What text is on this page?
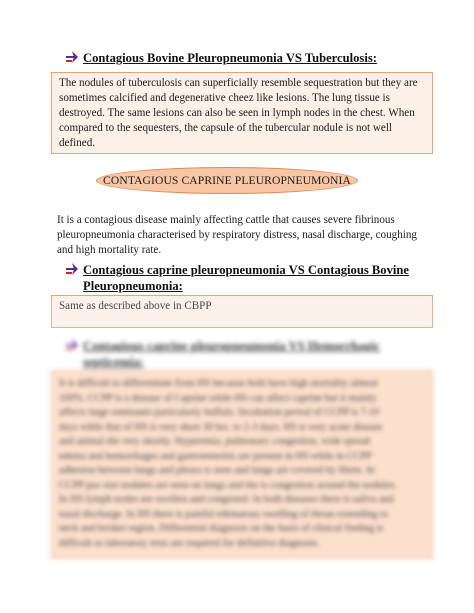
Contagious Bovine Pleuropneumonia VS Tuberculosis:
The nodules of tuberculosis can superficially resemble sequestration but they are
sometimes calcified and degenerative cheez like lesions. The lung tissue is
destroyed. The same lesions can also be seen in lymph nodes in the chest. When
compared to the sequesters, the capsule of the tubercular nodule is not well
defined.
CONTAGIOUS CAPRINE PLEUROPNEUMONIA
It is a contagious disease mainly affecting cattle that causes severe fibrinous
pleuropneumonia characterised by respiratory distress, nasal discharge, coughing
and high mortality rate.
Contagious caprine pleuropneumonia VS Contagious Bovine
Pleuropneumonia:
Same as described above in CBPP
Contagious caprine pleuropneumonia VS Hemorrhagic
septicemia:
It is difficult to differentiate from HS because both have high mortality almost
100%. CCPP is a disease of Caprine while HS can affect caprine but it mainly
affects large ruminants particularly buffalo. Incubation period of CCPP is 7-10
days while that of HS is very short 30 hrs. to 2-3 days. HS is very acute disease
and animal die very shortly. Hyperemia, pulmonary congestion, wide spread
edema and hemorrhages and gastroenteritis are present in HS while in CCPP
adhesion between lungs and pleura is seen and lungs are covered by fibrin. In
CCPP pus size nodules are seen on lungs and the is congestion around the nodules.
In HS lymph nodes are swollen and congested. In both diseases there is saliva and
nasal discharge. In HS there is painful edematous swelling of throat extending to
neck and brisket region. Differential diagnosis on the basis of clinical finding is
difficult so laboratory tests are required for definitive diagnosis.
